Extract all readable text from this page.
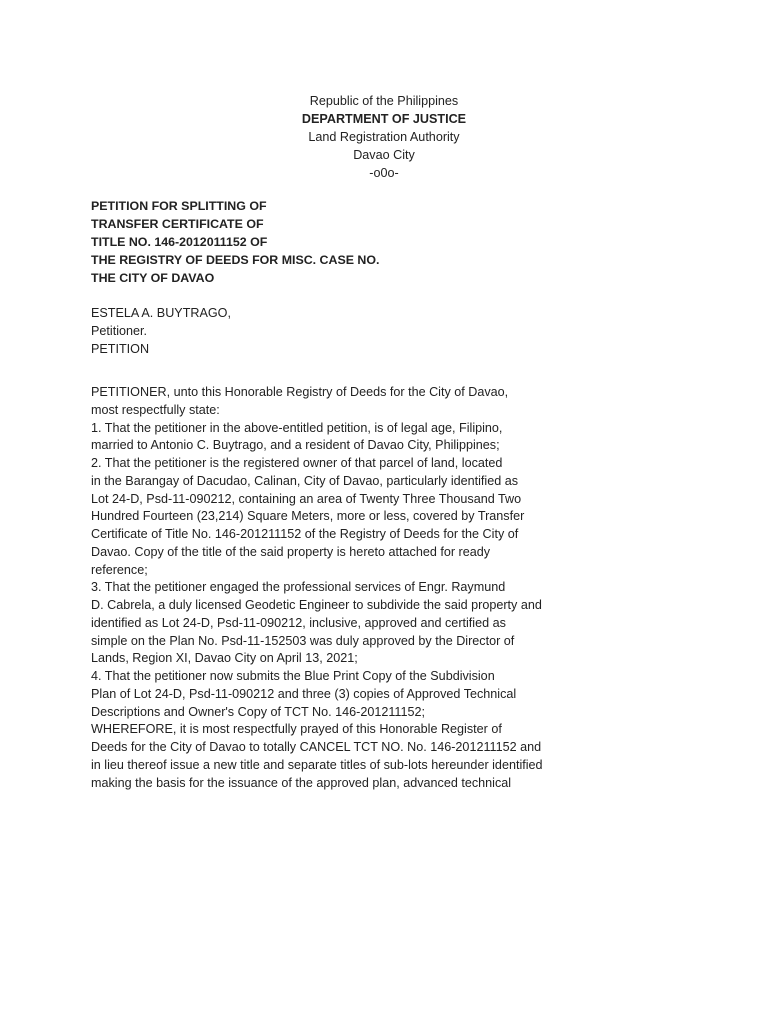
Republic of the Philippines
DEPARTMENT OF JUSTICE
Land Registration Authority
Davao City
-o0o-
PETITION FOR SPLITTING OF
TRANSFER CERTIFICATE OF
TITLE NO. 146-2012011152 OF
THE REGISTRY OF DEEDS FOR MISC. CASE NO.
THE CITY OF DAVAO
ESTELA A. BUYTRAGO,
Petitioner.
PETITION
PETITIONER, unto this Honorable Registry of Deeds for the City of Davao,
most respectfully state:
1. That the petitioner in the above-entitled petition, is of legal age, Filipino,
married to Antonio C. Buytrago, and a resident of Davao City, Philippines;
2. That the petitioner is the registered owner of that parcel of land, located
in the Barangay of Dacudao, Calinan, City of Davao, particularly identified as
Lot 24-D, Psd-11-090212, containing an area of Twenty Three Thousand Two
Hundred Fourteen (23,214) Square Meters, more or less, covered by Transfer
Certificate of Title No. 146-201211152 of the Registry of Deeds for the City of
Davao. Copy of the title of the said property is hereto attached for ready
reference;
3. That the petitioner engaged the professional services of Engr. Raymund
D. Cabrela, a duly licensed Geodetic Engineer to subdivide the said property and
identified as Lot 24-D, Psd-11-090212, inclusive, approved and certified as
simple on the Plan No. Psd-11-152503 was duly approved by the Director of
Lands, Region XI, Davao City on April 13, 2021;
4. That the petitioner now submits the Blue Print Copy of the Subdivision
Plan of Lot 24-D, Psd-11-090212 and three (3) copies of Approved Technical
Descriptions and Owner's Copy of TCT No. 146-201211152;
WHEREFORE, it is most respectfully prayed of this Honorable Register of
Deeds for the City of Davao to totally CANCEL TCT NO. No. 146-201211152 and
in lieu thereof issue a new title and separate titles of sub-lots hereunder identified
making the basis for the issuance of the approved plan, advanced technical
